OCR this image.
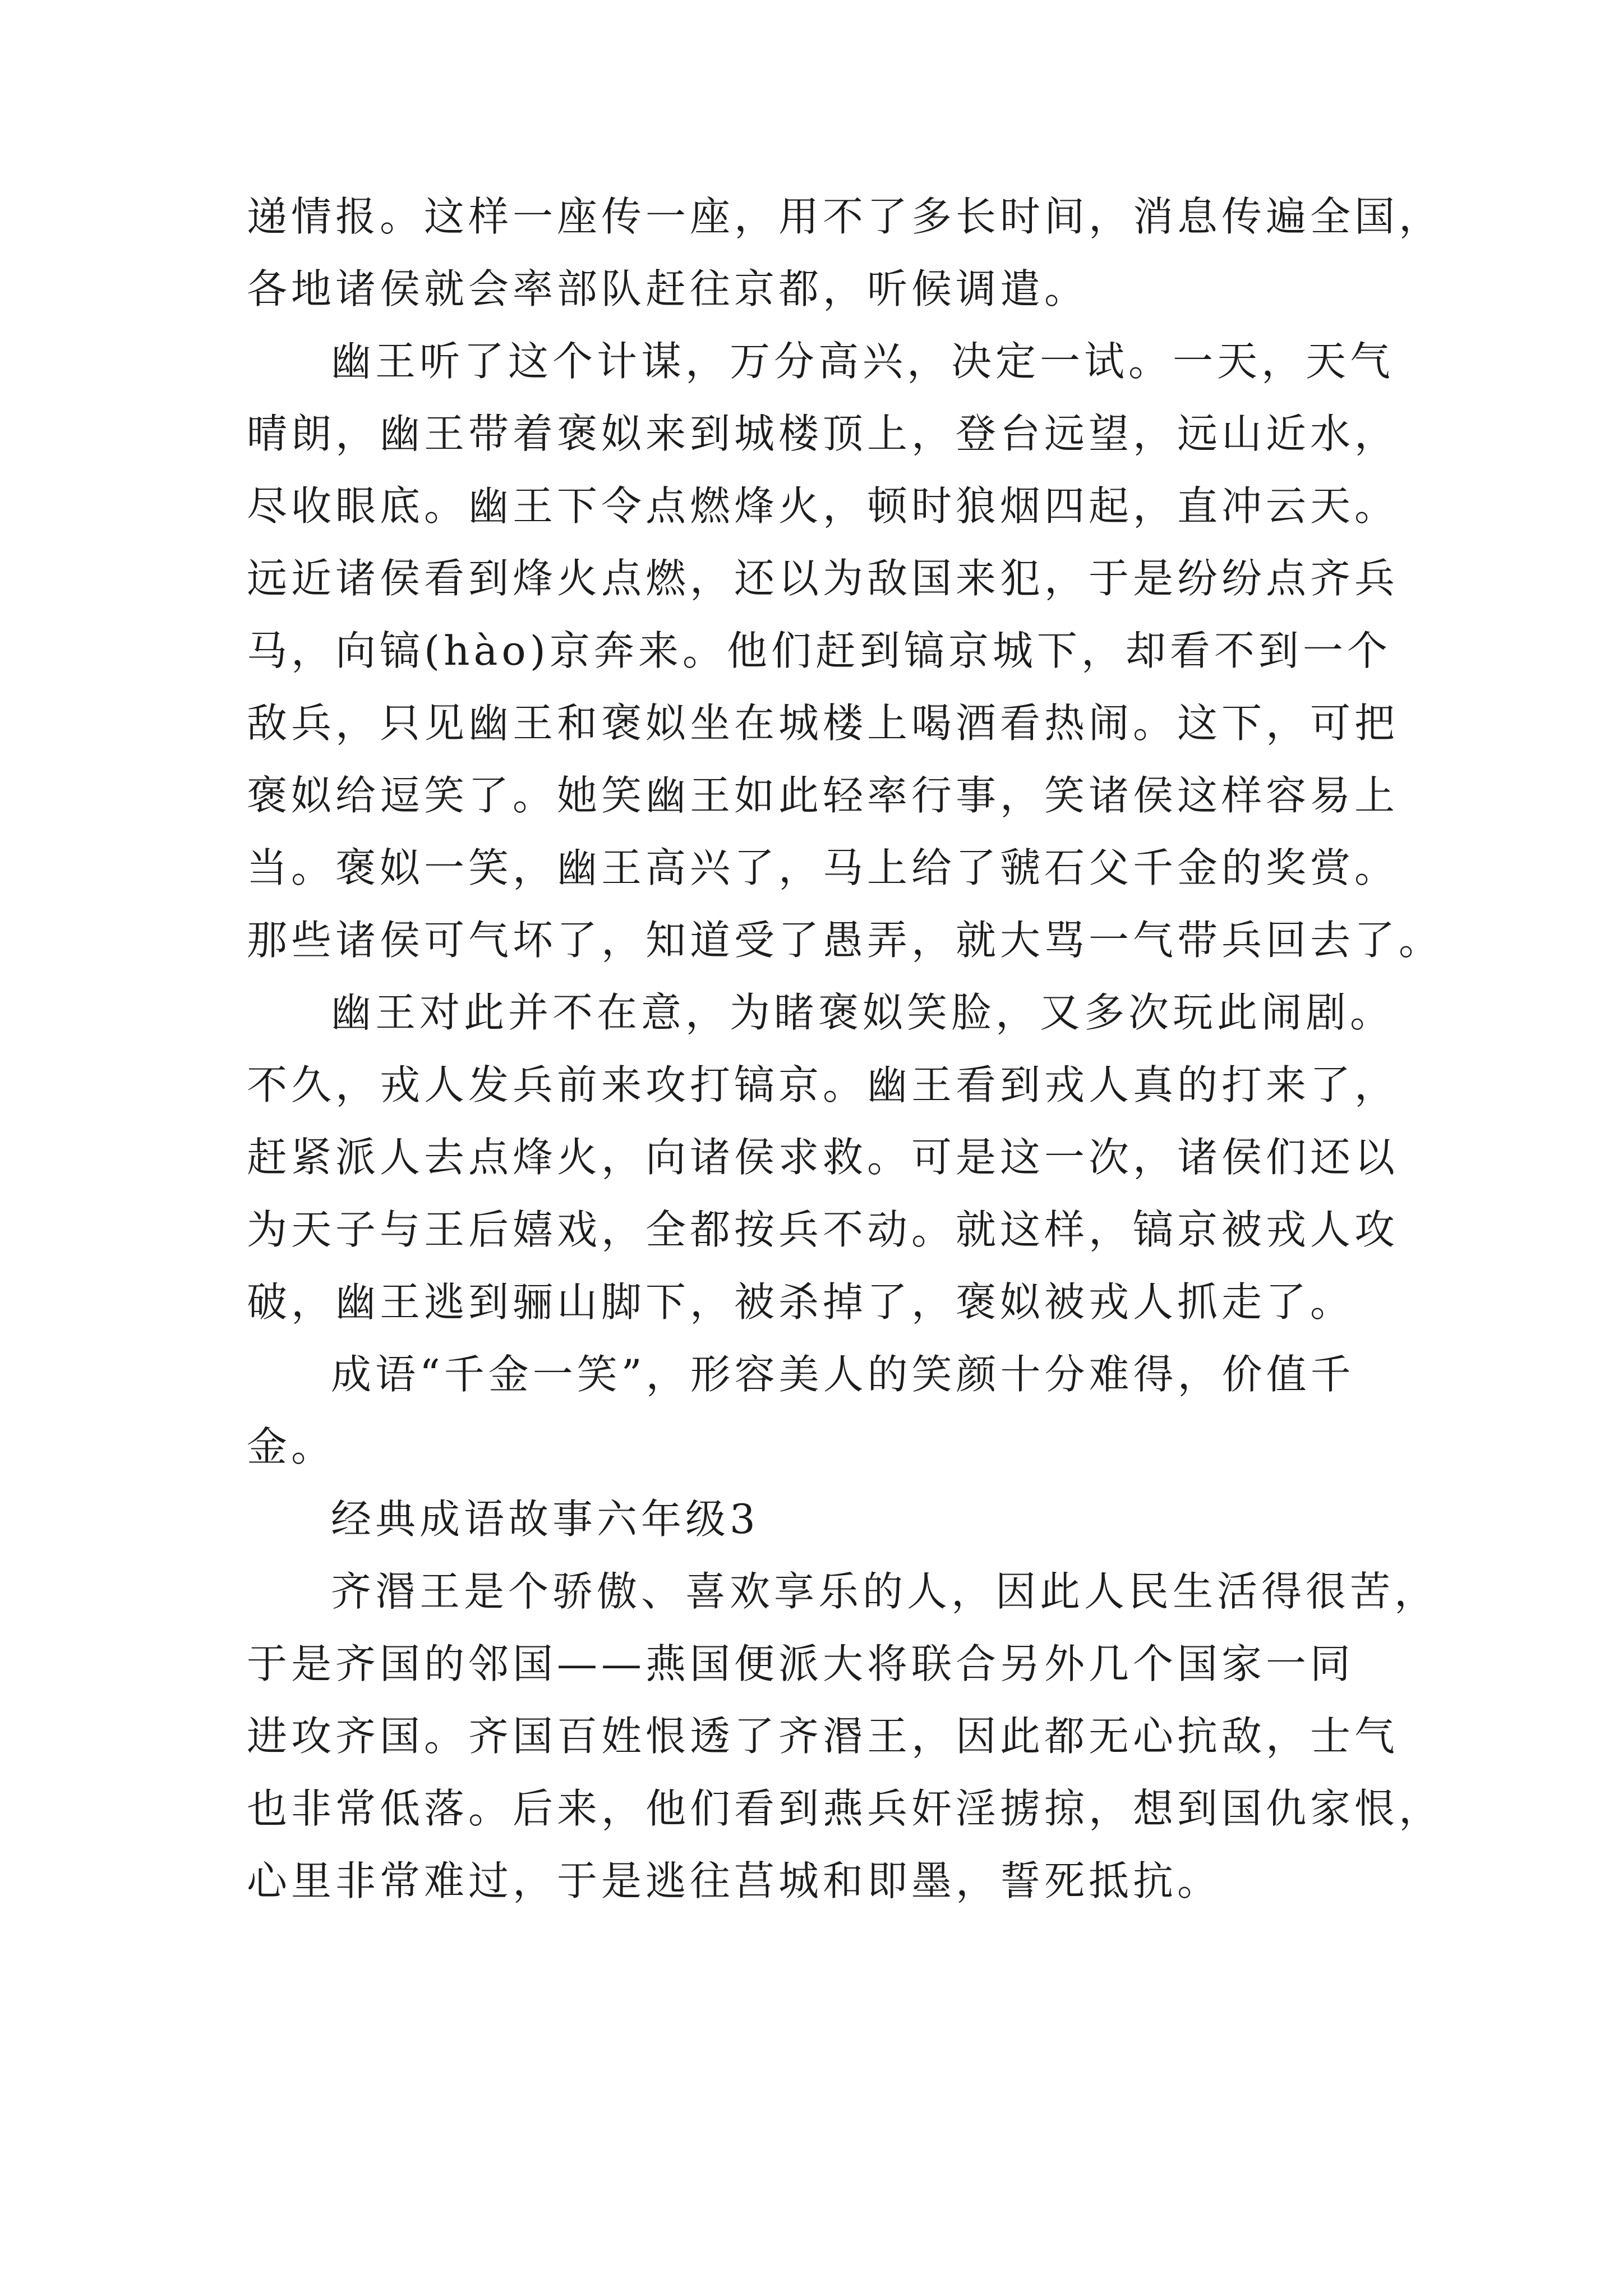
递情报。这样一座传一座，用不了多长时间，消息传遍全国，
各地诸侯就会率部队赶往京都，听候调遣。
幽王听了这个计谋，万分高兴，决定一试。一天，天气
晴朗，幽王带着褒姒来到城楼顶上，登台远望，远山近水，
尽收眼底。幽王下令点燃烽火，顿时狼烟四起，直冲云天。
远近诸侯看到烽火点燃，还以为敌国来犯，于是纷纷点齐兵
马，向镐(hào)京奔来。他们赶到镐京城下，却看不到一个
敌兵，只见幽王和褒姒坐在城楼上喝酒看热闹。这下，可把
褒姒给逗笑了。她笑幽王如此轻率行事，笑诸侯这样容易上
当。褒姒一笑，幽王高兴了，马上给了虢石父千金的奖赏。
那些诸侯可气坏了，知道受了愚弄，就大骂一气带兵回去了。
幽王对此并不在意，为睹褒姒笑脸，又多次玩此闹剧。
不久，戎人发兵前来攻打镐京。幽王看到戎人真的打来了，
赶紧派人去点烽火，向诸侯求救。可是这一次，诸侯们还以
为天子与王后嬉戏，全都按兵不动。就这样，镐京被戎人攻
破，幽王逃到骊山脚下，被杀掉了，褒姒被戎人抓走了。
成语“千金一笑”，形容美人的笑颜十分难得，价值千
金。
经典成语故事六年级3
齐湣王是个骄傲、喜欢享乐的人，因此人民生活得很苦，
于是齐国的邻国——燕国便派大将联合另外几个国家一同
进攻齐国。齐国百姓恨透了齐湣王，因此都无心抗敌，士气
也非常低落。后来，他们看到燕兵奸淫掳掠，想到国仇家恨，
心里非常难过，于是逃往莒城和即墨，誓死抵抗。
